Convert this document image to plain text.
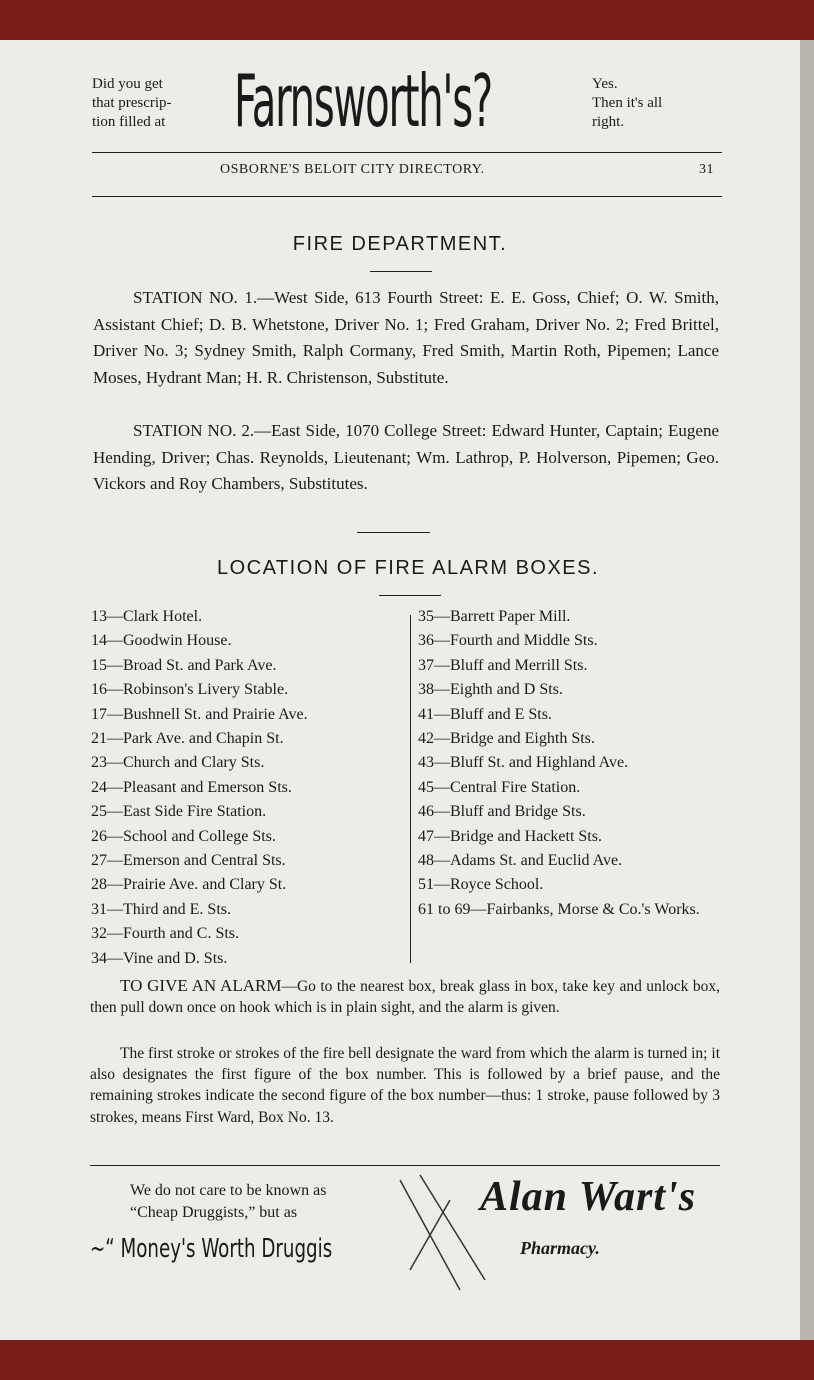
Did you get
that prescrip-
tion filled at Farnsworth's?	Yes.
Then it's all
right.
OSBORNE'S BELOIT CITY DIRECTORY.	31
FIRE DEPARTMENT.

STATION NO. 1.—West Side, 613 Fourth Street: E. E. Goss, Chief; O. W. Smith, Assistant Chief; D. B. Whetstone, Driver No. 1; Fred Graham, Driver No. 2; Fred Brittel, Driver No. 3; Sydney Smith, Ralph Cormany, Fred Smith, Martin Roth, Pipemen; Lance Moses, Hydrant Man; H. R. Christenson, Substitute.

STATION NO. 2.—East Side, 1070 College Street: Edward Hunter, Captain; Eugene Hending, Driver; Chas. Reynolds, Lieutenant; Wm. Lathrop, P. Holverson, Pipemen; Geo. Vickors and Roy Chambers, Substitutes.

LOCATION OF FIRE ALARM BOXES.
13—Clark Hotel.
14—Goodwin House.
15—Broad St. and Park Ave.
16—Robinson's Livery Stable.
17—Bushnell St. and Prairie Ave.
21—Park Ave. and Chapin St.
23—Church and Clary Sts.
24—Pleasant and Emerson Sts.
25—East Side Fire Station.
26—School and College Sts.
27—Emerson and Central Sts.
28—Prairie Ave. and Clary St.
31—Third and E. Sts.
32—Fourth and C. Sts.
34—Vine and D. Sts.
35—Barrett Paper Mill.
36—Fourth and Middle Sts.
37—Bluff and Merrill Sts.
38—Eighth and D Sts.
41—Bluff and E Sts.
42—Bridge and Eighth Sts.
43—Bluff St. and Highland Ave.
45—Central Fire Station.
46—Bluff and Bridge Sts.
47—Bridge and Hackett Sts.
48—Adams St. and Euclid Ave.
51—Royce School.
61 to 69—Fairbanks, Morse & Co.'s Works.

TO GIVE AN ALARM—Go to the nearest box, break glass in box, take key and unlock box, then pull down once on hook which is in plain sight, and the alarm is given.

The first stroke or strokes of the fire bell designate the ward from which the alarm is turned in; it also designates the first figure of the box number. This is followed by a brief pause, and the remaining strokes indicate the second figure of the box number—thus: 1 stroke, pause followed by 3 strokes, means First Ward, Box No. 13.

We do not care to be known as
“Cheap Druggists,” but as
~“ Money's Worth Druggis
Alan Wart's
Pharmacy.
